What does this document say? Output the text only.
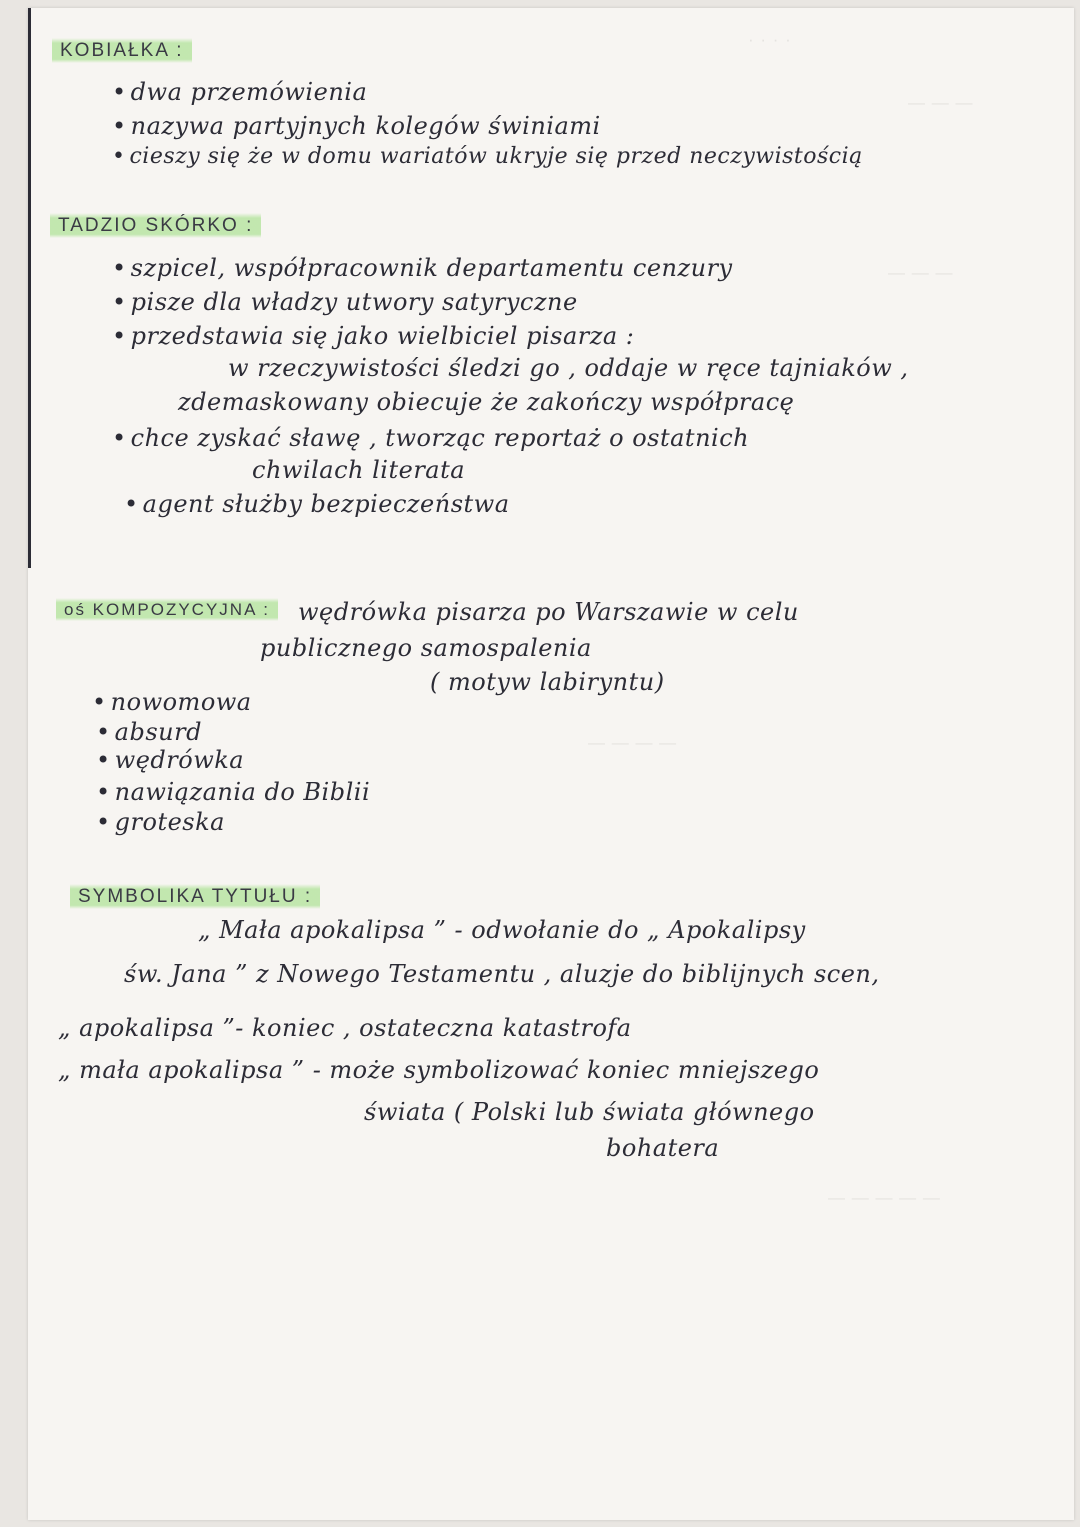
· · · ·
— — —
— — —
— — — —
— — — — —
KOBIAŁKA :
• dwa przemówienia
• nazywa partyjnych kolegów świniami
• cieszy się że w domu wariatów ukryje się przed neczywistością
TADZIO SKÓRKO :
• szpicel, współpracownik departamentu cenzury
• pisze dla władzy utwory satyryczne
• przedstawia się jako wielbiciel pisarza :
w rzeczywistości śledzi go , oddaje w ręce tajniaków ,
zdemaskowany obiecuje że zakończy współpracę
• chce zyskać sławę , tworząc reportaż o ostatnich
chwilach literata
• agent służby bezpieczeństwa
oś KOMPOZYCYJNA :	wędrówka pisarza po Warszawie w celu
publicznego samospalenia
( motyw labiryntu)
• nowomowa
• absurd
• wędrówka
• nawiązania do Biblii
• groteska
SYMBOLIKA TYTUŁU :
„ Mała apokalipsa ” - odwołanie do „ Apokalipsy
św. Jana ” z Nowego Testamentu , aluzje do biblijnych scen,
„ apokalipsa ”- koniec , ostateczna katastrofa
„ mała apokalipsa ” - może symbolizować koniec mniejszego
świata ( Polski lub świata głównego
bohatera
